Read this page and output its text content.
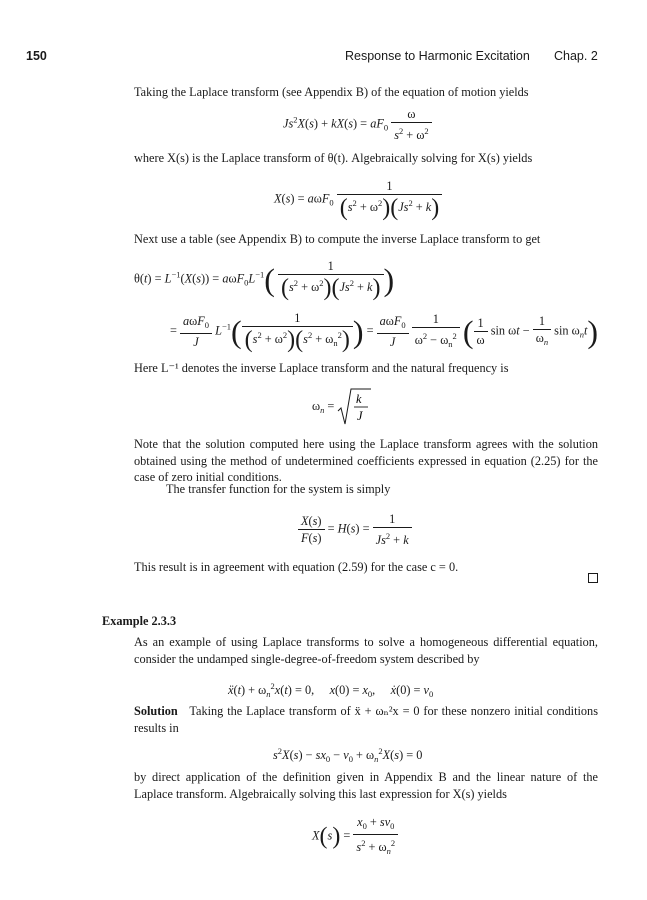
150	Response to Harmonic Excitation Chap. 2
Taking the Laplace transform (see Appendix B) of the equation of motion yields
$Js^2X(s) + kX(s) = aF_0 \frac{\omega}{s^2 + \omega^2}$
where X(s) is the Laplace transform of θ(t). Algebraically solving for X(s) yields
$X(s) = a\omega F_0 \frac{1}{(s^2 + \omega^2)(Js^2 + k)}$
Next use a table (see Appendix B) to compute the inverse Laplace transform to get
$\theta(t) = L^{-1}(X(s)) = a\omega F_0L^{-1}( \frac{1}{(s^2 + \omega^2)(Js^2 + k)}$ )
= $\frac{a\omega F_0}{J} L^{-1}( \frac{1}{(s^2 + \omega^2)(s^2 + \omega_n^2)}$ ) = $\frac{a\omega F_0}{J}$
$\frac{1}{\omega^2 - \omega_n^2}$ ( $\frac{1}{\omega}$ $\sin \omega t - \frac{1}{\omega_n}$ $\sin \omega_nt$)
Here L⁻¹ denotes the inverse Laplace transform and the natural frequency is
$\omega_n = k$
J
Note that the solution computed here using the Laplace transform agrees with the solution obtained using the method of undetermined coefficients expressed in equation (2.25) for the case of zero initial conditions.
The transfer function for the system is simply
$\frac{X(s)}{F(s)} = H(s) = \frac{1}{Js^2 + k}$
This result is in agreement with equation (2.59) for the case c = 0.
Example 2.3.3
As an example of using Laplace transforms to solve a homogeneous differential equation, consider the undamped single-degree-of-freedom system described by
ẍ(t) + $\omega_n^2x(t) = 0$,     $x(0) = x_0$,     ẋ(0) = $v_0$
Solution Taking the Laplace transform of ẍ + ωₙ²x = 0 for these nonzero initial conditions results in
$s^2X(s) - sx_0 - v_0 + \omega_n^2X(s) = 0$
by direct application of the definition given in Appendix B and the linear nature of the Laplace transform. Algebraically solving this last expression for X(s) yields
$X(s) = \frac{x_0 + sv_0}{s^2 + \omega_n^2}$
